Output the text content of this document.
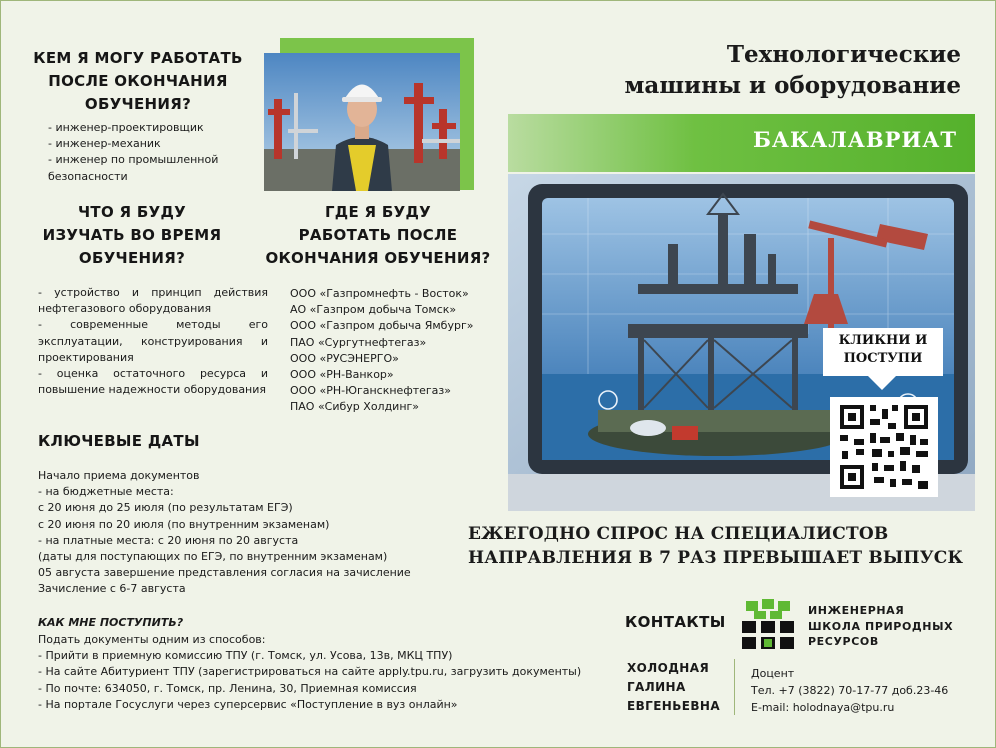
КЕМ Я МОГУ РАБОТАТЬ
ПОСЛЕ ОКОНЧАНИЯ
ОБУЧЕНИЯ?
- инженер-проектировщик
- инженер-механик
- инженер по промышленной
безопасности
Технологические
машины и оборудование
БАКАЛАВРИАТ
КЛИКНИ И
ПОСТУПИ
ЧТО Я БУДУ
ИЗУЧАТЬ ВО ВРЕМЯ
ОБУЧЕНИЯ?
- устройство и принцип действия нефтегазового оборудования
- современные методы его эксплуатации, конструирования и проектирования
- оценка остаточного ресурса и повышение надежности оборудования
ГДЕ Я БУДУ
РАБОТАТЬ ПОСЛЕ
ОКОНЧАНИЯ ОБУЧЕНИЯ?
ООО «Газпромнефть - Восток»
АО «Газпром добыча Томск»
ООО «Газпром добыча Ямбург»
ПАО «Сургутнефтегаз»
ООО «РУСЭНЕРГО»
ООО «РН-Ванкор»
ООО «РН-Юганскнефтегаз»
ПАО «Сибур Холдинг»
КЛЮЧЕВЫЕ ДАТЫ
Начало приема документов
- на бюджетные места:
с 20 июня до 25 июля (по результатам ЕГЭ)
с 20 июня по 20 июля (по внутренним экзаменам)
- на платные места: с 20 июня по 20 августа
(даты для поступающих по ЕГЭ, по внутренним экзаменам)
05 августа завершение представления согласия на зачисление
Зачисление с 6-7 августа
КАК МНЕ ПОСТУПИТЬ?
Подать документы одним из способов:
- Прийти в приемную комиссию ТПУ (г. Томск, ул. Усова, 13в, МКЦ ТПУ)
- На сайте Абитуриент ТПУ (зарегистрироваться на сайте apply.tpu.ru, загрузить документы)
- По почте: 634050, г. Томск, пр. Ленина, 30, Приемная комиссия
- На портале Госуслуги через суперсервис «Поступление в вуз онлайн»
ЕЖЕГОДНО СПРОС НА СПЕЦИАЛИСТОВ
НАПРАВЛЕНИЯ В 7 РАЗ ПРЕВЫШАЕТ ВЫПУСК
КОНТАКТЫ
ИНЖЕНЕРНАЯ
ШКОЛА ПРИРОДНЫХ
РЕСУРСОВ
ХОЛОДНАЯ
ГАЛИНА
ЕВГЕНЬЕВНА
Доцент
Тел. +7 (3822) 70-17-77 доб.23-46
E-mail: holodnaya@tpu.ru
